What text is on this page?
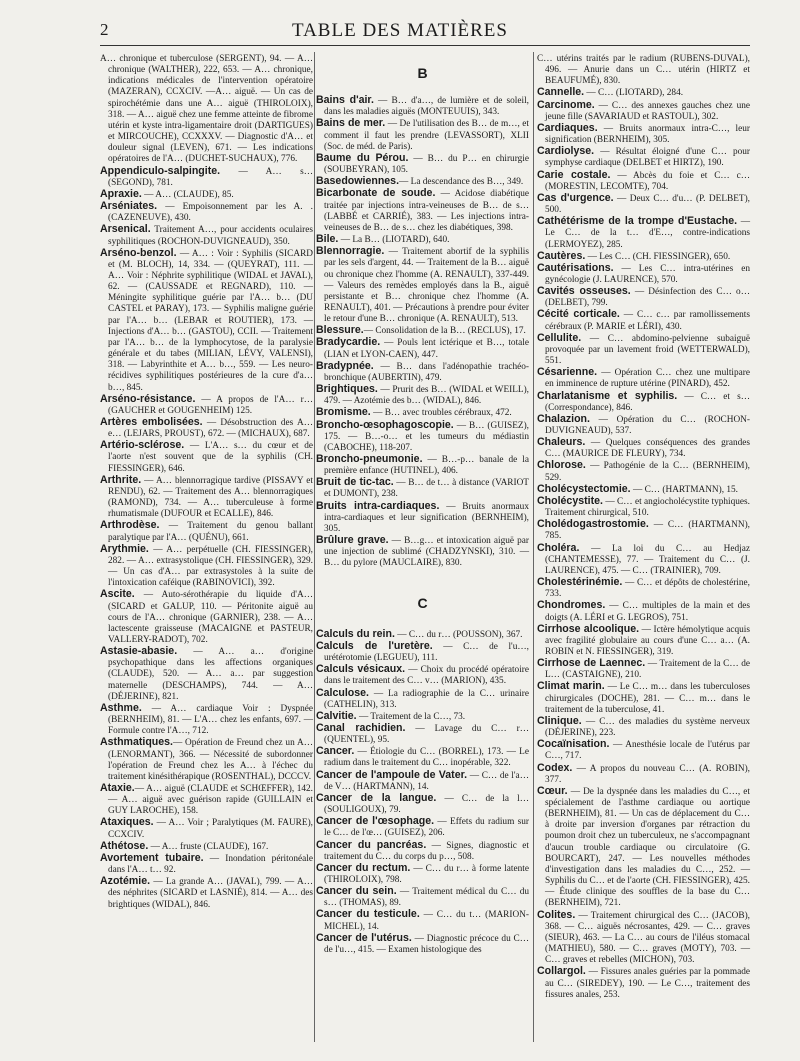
2	TABLE DES MATIÈRES

A… chronique et tuberculose (SERGENT), 94. — A… chronique (WALTHER), 222, 653. — A… chronique, indications médicales de l'intervention opératoire (MAZERAN), CCXCIV. —A… aiguë. — Un cas de spirochétémie dans une A… aiguë (THIROLOIX), 318. — A… aiguë chez une femme atteinte de fibrome utérin et kyste intra-ligamentaire droit (DARTIGUES) et MIRCOUCHE), CCXXXV. — Diagnostic d'A… et douleur signal (LEVEN), 671. — Les indications opératoires de l'A… (DUCHET-SUCHAUX), 776.

Appendiculo-salpingite. — A… s… (SEGOND), 781.

Apraxie. — A… (CLAUDE), 85.

Arséniates. — Empoisonnement par les A. . (CAZENEUVE), 430.

Arsenical. Traitement A…, pour accidents oculaires syphilitiques (ROCHON-DUVIGNEAUD), 350.

Arséno-benzol. — A… : Voir : Syphilis (SICARD et (M. BLOCH), 14, 334. — (QUEYRAT), 111. — A… Voir : Néphrite syphilitique (WIDAL et JAVAL), 62. — (CAUSSADE et REGNARD), 110. — Méningite syphilitique guérie par l'A… b… (DU CASTEL et PARAY), 173. — Syphilis maligne guérie par l'A… b… (LEBAR et ROUTIER), 173. — Injections d'A… b… (GASTOU), CCII. — Traitement par l'A… b… de la lymphocytose, de la paralysie générale et du tabes (MILIAN, LÉVY, VALENSI), 318. — Labyrinthite et A… b…, 559. — Les neuro-récidives syphilitiques postérieures de la cure d'a…b…, 845.

Arséno-résistance. — A propos de l'A… r… (GAUCHER et GOUGENHEIM) 125.

Artères embolisées. — Désobstruction des A… e… (LEJARS, PROUST), 672. — (MICHAUX), 687.

Artério-sclérose. — L'A… s… du cœur et de l'aorte n'est souvent que de la syphilis (CH. FIESSINGER), 646.

Arthrite. — A… blennorragique tardive (PISSAVY et RENDU), 62. — Traitement des A… blennorragiques (RAMOND), 734. — A… tuberculeuse à forme rhumatismale (DUFOUR et ECALLE), 846.

Arthrodèse. — Traitement du genou ballant paralytique par l'A… (QUÉNU), 661.

Arythmie. — A… perpétuelle (CH. FIESSINGER), 282. — A… extrasystolique (CH. FIESSINGER), 329. — Un cas d'A… par extrasystoles à la suite de l'intoxication caféique (RABINOVICI), 392.

Ascite. — Auto-sérothérapie du liquide d'A… (SICARD et GALUP, 110. — Péritonite aiguë au cours de l'A… chronique (GARNIER), 238. — A… lactescente graisseuse (MACAIGNE et PASTEUR, VALLERY-RADOT), 702.

Astasie-abasie. — A… a… d'origine psychopathique dans les affections organiques (CLAUDE), 520. — A… a… par suggestion maternelle (DESCHAMPS), 744. — A… (DÉJERINE), 821.

Asthme. — A… cardiaque Voir : Dyspnée (BERNHEIM), 81. — L'A… chez les enfants, 697. — Formule contre l'A…, 712.

Asthmatiques.— Opération de Freund chez un A… (LENORMANT), 366. — Nécessité de subordonner l'opération de Freund chez les A… à l'échec du traitement kinésithérapique (ROSENTHAL), DCCCV.

Ataxie.— A… aiguë (CLAUDE et SCHŒFFER), 142. — A… aiguë avec guérison rapide (GUILLAIN et GUY LAROCHE), 158.

Ataxiques. — A… Voir ; Paralytiques (M. FAURE), CCXCIV.

Athétose. — A… fruste (CLAUDE), 167.

Avortement tubaire. — Inondation péritonéale dans l'A… t… 92.

Azotémie. — La grande A… (JAVAL), 799. — A… des néphrites (SICARD et LASNIÉ), 814. — A… des brightiques (WIDAL), 846.

B

Bains d'air. — B… d'a…, de lumière et de soleil, dans les maladies aiguës (MONTEUUIS), 343.

Bains de mer. — De l'utilisation des B… de m…, et comment il faut les prendre (LEVASSORT), XLII (Soc. de méd. de Paris).

Baume du Pérou. — B… du P… en chirurgie (SOUBEYRAN), 105.

Basedowiennes.— La descendance des B…, 349.

Bicarbonate de soude. — Acidose diabétique traitée par injections intra-veineuses de B… de s… (LABBÉ et CARRIÉ), 383. — Les injections intra-veineuses de B… de s… chez les diabétiques, 398.

Bile. — La B… (LIOTARD), 640.

Blennorragie. — Traitement abortif de la syphilis par les sels d'argent, 44. — Traitement de la B… aiguë ou chronique chez l'homme (A. RENAULT), 337-449. — Valeurs des remèdes employés dans la B., aiguë persistante et B… chronique chez l'homme (A. RENAULT), 401. — Précautions à prendre pour éviter le retour d'une B… chronique (A. RENAULT), 513.

Blessure.— Consolidation de la B… (RECLUS), 17.

Bradycardie. — Pouls lent ictérique et B…, totale (LIAN et LYON-CAEN), 447.

Bradypnée. — B… dans l'adénopathie trachéo-bronchique (AUBERTIN), 479.

Brightiques. — Prurit des B… (WIDAL et WEILL), 479. — Azotémie des b… (WIDAL), 846.

Bromisme. — B… avec troubles cérébraux, 472.

Broncho-œsophagoscopie. — B… (GUISEZ), 175. — B…-o… et les tumeurs du médiastin (CABOCHE), 118-207.

Broncho-pneumonie. — B…-p… banale de la première enfance (HUTINEL), 406.

Bruit de tic-tac. — B… de t… à distance (VARIOT et DUMONT), 238.

Bruits intra-cardiaques. — Bruits anormaux intra-cardiaques et leur signification (BERNHEIM), 305.

Brûlure grave. — B…g… et intoxication aiguë par une injection de sublimé (CHADZYNSKI), 310. — B… du pylore (MAUCLAIRE), 830.

C

Calculs du rein. — C… du r… (POUSSON), 367.

Calculs de l'uretère. — C… de l'u…, urétérotomie (LEGUEU), 111.

Calculs vésicaux. — Choix du procédé opératoire dans le traitement des C… v… (MARION), 435.

Calculose. — La radiographie de la C… urinaire (CATHELIN), 313.

Calvitie. — Traitement de la C…, 73.

Canal rachidien. — Lavage du C… r… (QUENTEL), 95.

Cancer. — Étiologie du C… (BORREL), 173. — Le radium dans le traitement du C… inopérable, 322.

Cancer de l'ampoule de Vater. — C… de l'a… de V… (HARTMANN), 14.

Cancer de la langue. — C… de la l… (SOULIGOUX), 79.

Cancer de l'œsophage. — Effets du radium sur le C… de l'œ… (GUISEZ), 206.

Cancer du pancréas. — Signes, diagnostic et traitement du C… du corps du p…, 508.

Cancer du rectum. — C… du r… à forme latente (THIROLOIX), 798.

Cancer du sein. — Traitement médical du C… du s… (THOMAS), 89.

Cancer du testicule. — C… du t… (MARION-MICHEL), 14.

Cancer de l'utérus. — Diagnostic précoce du C… de l'u…, 415. — Examen histologique des

C… utérins traités par le radium (RUBENS-DUVAL), 496. — Anurie dans un C… utérin (HIRTZ et BEAUFUMÉ), 830.

Cannelle. — C… (LIOTARD), 284.

Carcinome. — C… des annexes gauches chez une jeune fille (SAVARIAUD et RASTOUL), 302.

Cardiaques. — Bruits anormaux intra-C…, leur signification (BERNHEIM), 305.

Cardiolyse. — Résultat éloigné d'une C… pour symphyse cardiaque (DELBET et HIRTZ), 190.

Carie costale. — Abcès du foie et C… c… (MORESTIN, LECOMTE), 704.

Cas d'urgence. — Deux C… d'u… (P. DELBET), 500.

Cathétérisme de la trompe d'Eustache. — Le C… de la t… d'E…, contre-indications (LERMOYEZ), 285.

Cautères. — Les C… (CH. FIESSINGER), 650.

Cautérisations. — Les C… intra-utérines en gynécologie (J. LAURENCE), 570.

Cavités osseuses. — Désinfection des C… o… (DELBET), 799.

Cécité corticale. — C… c… par ramollissements cérébraux (P. MARIE et LÉRI), 430.

Cellulite. — C… abdomino-pelvienne subaiguë provoquée par un lavement froid (WETTERWALD), 551.

Césarienne. — Opération C… chez une multipare en imminence de rupture utérine (PINARD), 452.

Charlatanisme et syphilis. — C… et s… (Correspondance), 846.

Chalazion. — Opération du C… (ROCHON-DUVIGNEAUD), 537.

Chaleurs. — Quelques conséquences des grandes C… (MAURICE DE FLEURY), 734.

Chlorose. — Pathogénie de la C… (BERNHEIM), 529.

Cholécystectomie. — C… (HARTMANN), 15.

Cholécystite. — C… et angiocholécystite typhiques. Traitement chirurgical, 510.

Cholédogastrostomie. — C… (HARTMANN), 785.

Choléra. — La loi du C… au Hedjaz (CHANTEMESSE), 77. — Traitement du C… (J. LAURENCE), 475. — C… (TRAINIER), 709.

Cholestérinémie. — C… et dépôts de cholestérine, 733.

Chondromes. — C… multiples de la main et des doigts (A. LÉRI et G. LEGROS), 751.

Cirrhose alcoolique. — Ictère hémolytique acquis avec fragilité globulaire au cours d'une C… a… (A. ROBIN et N. FIESSINGER), 319.

Cirrhose de Laennec. — Traitement de la C… de L… (CASTAIGNE), 210.

Climat marin. — Le C… m… dans les tuberculoses chirurgicales (DOCHE), 281. — C… m… dans le traitement de la tuberculose, 41.

Clinique. — C… des maladies du système nerveux (DÉJERINE), 223.

Cocaïnisation. — Anesthésie locale de l'utérus par C…, 717.

Codex. — A propos du nouveau C… (A. ROBIN), 377.

Cœur. — De la dyspnée dans les maladies du C…, et spécialement de l'asthme cardiaque ou aortique (BERNHEIM), 81. — Un cas de déplacement du C… à droite par inversion d'organes par rétraction du poumon droit chez un tuberculeux, ne s'accompagnant d'aucun trouble cardiaque ou circulatoire (G. BOURCART), 247. — Les nouvelles méthodes d'investigation dans les maladies du C…, 252. — Syphilis du C… et de l'aorte (CH. FIESSINGER), 425. — Étude clinique des souffles de la base du C… (BERNHEIM), 721.

Colites. — Traitement chirurgical des C… (JACOB), 368. — C… aiguës nécrosantes, 429. — C… graves (SIEUR), 463. — La C… au cours de l'iléus stomacal (MATHIEU), 580. — C… graves (MOTY), 703. — C… graves et rebelles (MICHON), 703.

Collargol. — Fissures anales guéries par la pommade au C… (SIREDEY), 190. — Le C…, traitement des fissures anales, 253.
